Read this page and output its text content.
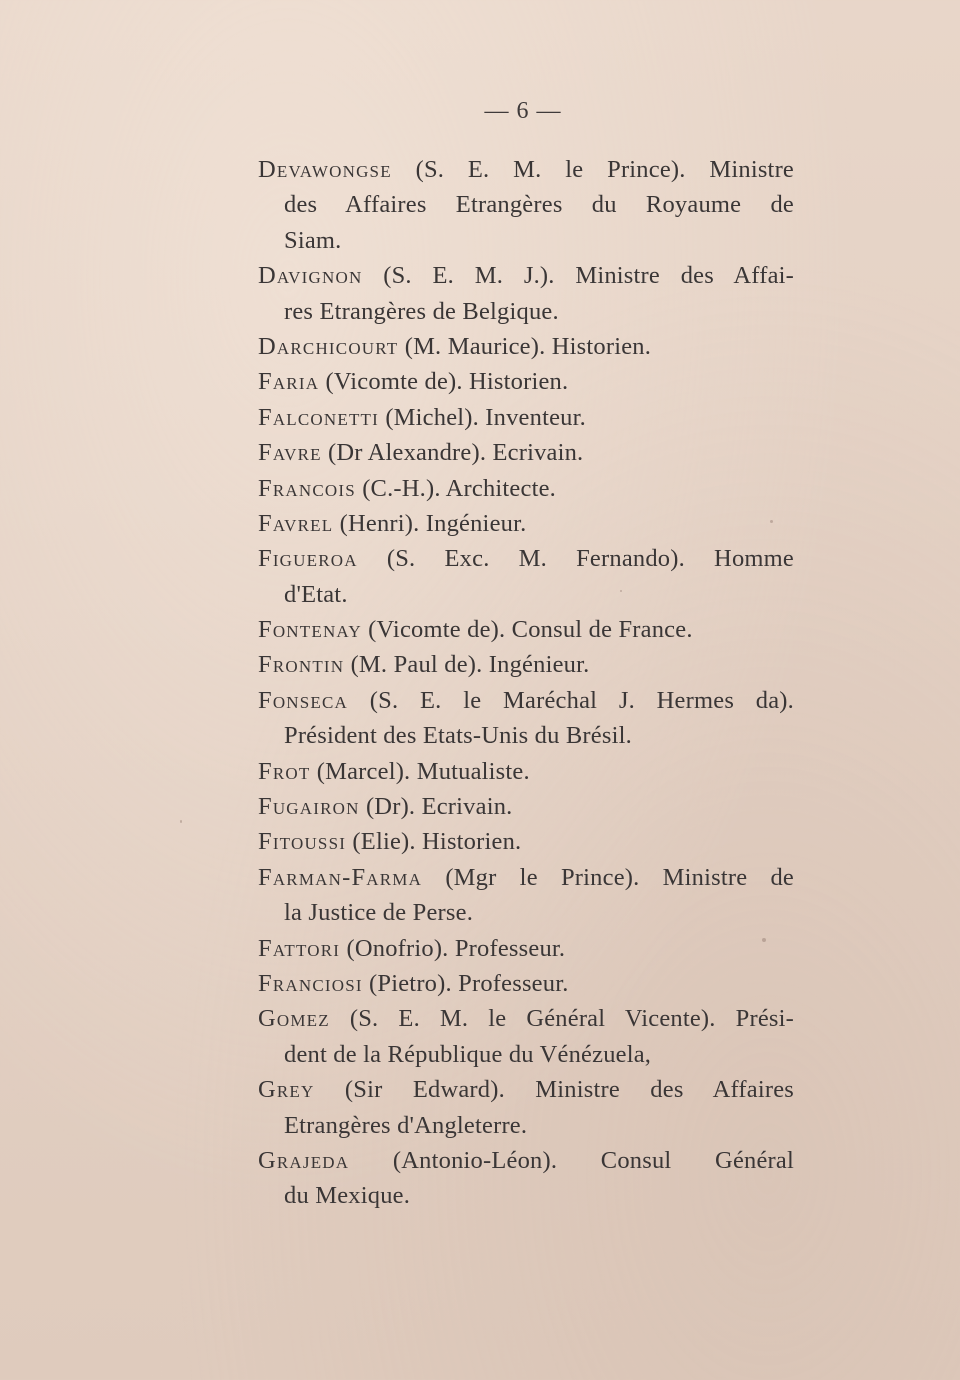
— 6 —
Devawongse (S. E. M. le Prince). Ministre
des Affaires Etrangères du Royaume de
Siam.
Davignon (S. E. M. J.). Ministre des Affai-
res Etrangères de Belgique.
Darchicourt (M. Maurice). Historien.
Faria (Vicomte de). Historien.
Falconetti (Michel). Inventeur.
Favre (Dr Alexandre). Ecrivain.
Francois (C.-H.). Architecte.
Favrel (Henri). Ingénieur.
Figueroa (S. Exc. M. Fernando). Homme
d'Etat.
Fontenay (Vicomte de). Consul de France.
Frontin (M. Paul de). Ingénieur.
Fonseca (S. E. le Maréchal J. Hermes da).
Président des Etats-Unis du Brésil.
Frot (Marcel). Mutualiste.
Fugairon (Dr). Ecrivain.
Fitoussi (Elie). Historien.
Farman-Farma (Mgr le Prince). Ministre de
la Justice de Perse.
Fattori (Onofrio). Professeur.
Franciosi (Pietro). Professeur.
Gomez (S. E. M. le Général Vicente). Prési-
dent de la République du Vénézuela,
Grey (Sir Edward). Ministre des Affaires
Etrangères d'Angleterre.
Grajeda (Antonio-Léon). Consul Général
du Mexique.
